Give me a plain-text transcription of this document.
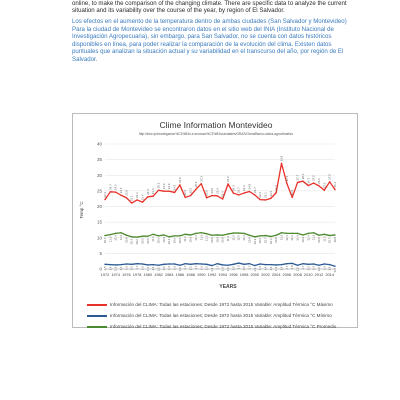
online, to make the comparison of the changing climate. There are specific data to analyze the current situation and its variability over the course of the year, by region of El Salvador.

Los efectos en el aumento de la temperatura dentro de ambas ciudades (San Salvador y Montevideo) Para la ciudad de Montevideo se encontraron datos en el sitio web del INIA (Instituto Nacional de Investigación Agropecuaria), sin embargo, para San Salvador, no se cuenta con datos históricos disponibles en línea, para poder realizar la comparación de la evolución del clima. Existen datos puntuales que analizan la situación actual y su variabilidad en el transcurso del año, por región de El Salvador.

Clime Information Montevideo
http://inia.uy/investigacion%C3%B3n-e-innovaci%C3%B3n/unidades/GRAS/Clima/Banco-datos-agroclimatico
Temp °C
YEARS
0
5
10
15
20
25
30
35
40
1972 1974 1976 1978 1980 1982 1984 1986 1988 1990 1992 1994 1996 1998 2000 2002 2004 2006 2008 2010 2012 2014
22.2
24.7 24.6
23.6 22.8
21.1
22.1 21.4
23.1 23.3
25.2 24.9 24.9 24.5
26.9
22.9 23.5
25.5
27.3
22.8 23.5 23.4
22.4
27.2
24.3 23.7 24.3 24.8
23.7
22.2 22.1 22.6
24.4
33.8
27.4
22.9
27.7 28.1
26.7 27.5 26.6
25.2
27.9
25.4
1.5 1.4 1.3 1.4 1.6 1.5 1.7 1.6 1.3 1.4 1.2 1.5 1.6 1.6 1.2 1.7 1.5 1.7 1.6 1.5 1.1 1.7 1.3 1.2 1.5 1.9 1.5 1.7 1.1 1.6 1.4 1.4 1.3 1.4 1.7 1.8 1.2 1.7 1.5 1.6 1.2 1.6 1.4 0.9
10.7 11.0 11.4 11.6 10.8 10.3 10.2 10.5 10.5 11.1 10.6 10.9 10.3 10.6 10.6 11.1 10.9 11.4 11.6 11.3 10.8 10.9 10.8 11.2 11.5 11.5 11.4 10.8 10.3 10.6 10.7 10.4 10.8 11.6 11.4 11.4 11.4 10.9 11.4 11.6 10.8 11.1 10.7 10.9
Información del CLIMA: Todas las estaciones; Desde 1972 hasta 2015 Variable: Amplitud Térmica °C Máximo
Información del CLIMA: Todas las estaciones; Desde 1972 hasta 2015 Variable: Amplitud Térmica °C Mínimo
Información del CLIMA: Todas las estaciones; Desde 1972 hasta 2015 Variable: Amplitud Térmica °C Promedio
